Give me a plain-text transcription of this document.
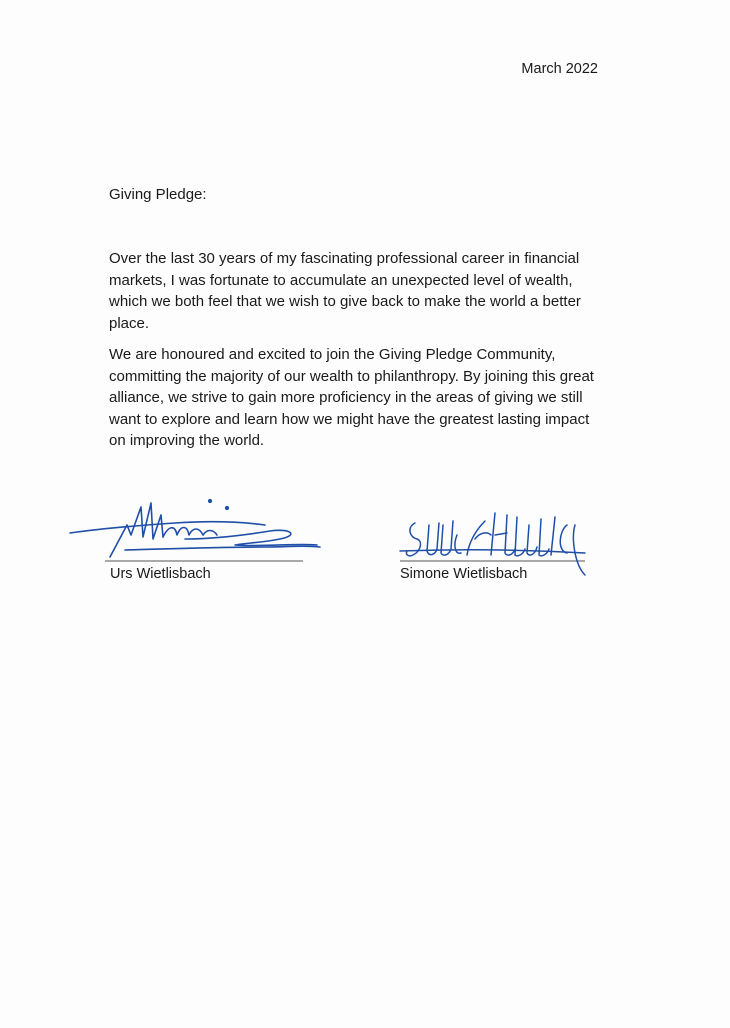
March 2022
Giving Pledge:

Over the last 30 years of my fascinating professional career in financial markets, I was fortunate to accumulate an unexpected level of wealth, which we both feel that we wish to give back to make the world a better place.

We are honoured and excited to join the Giving Pledge Community, committing the majority of our wealth to philanthropy. By joining this great alliance, we strive to gain more proficiency in the areas of giving we still want to explore and learn how we might have the greatest lasting impact on improving the world.

Urs Wietlisbach	Simone Wietlisbach
